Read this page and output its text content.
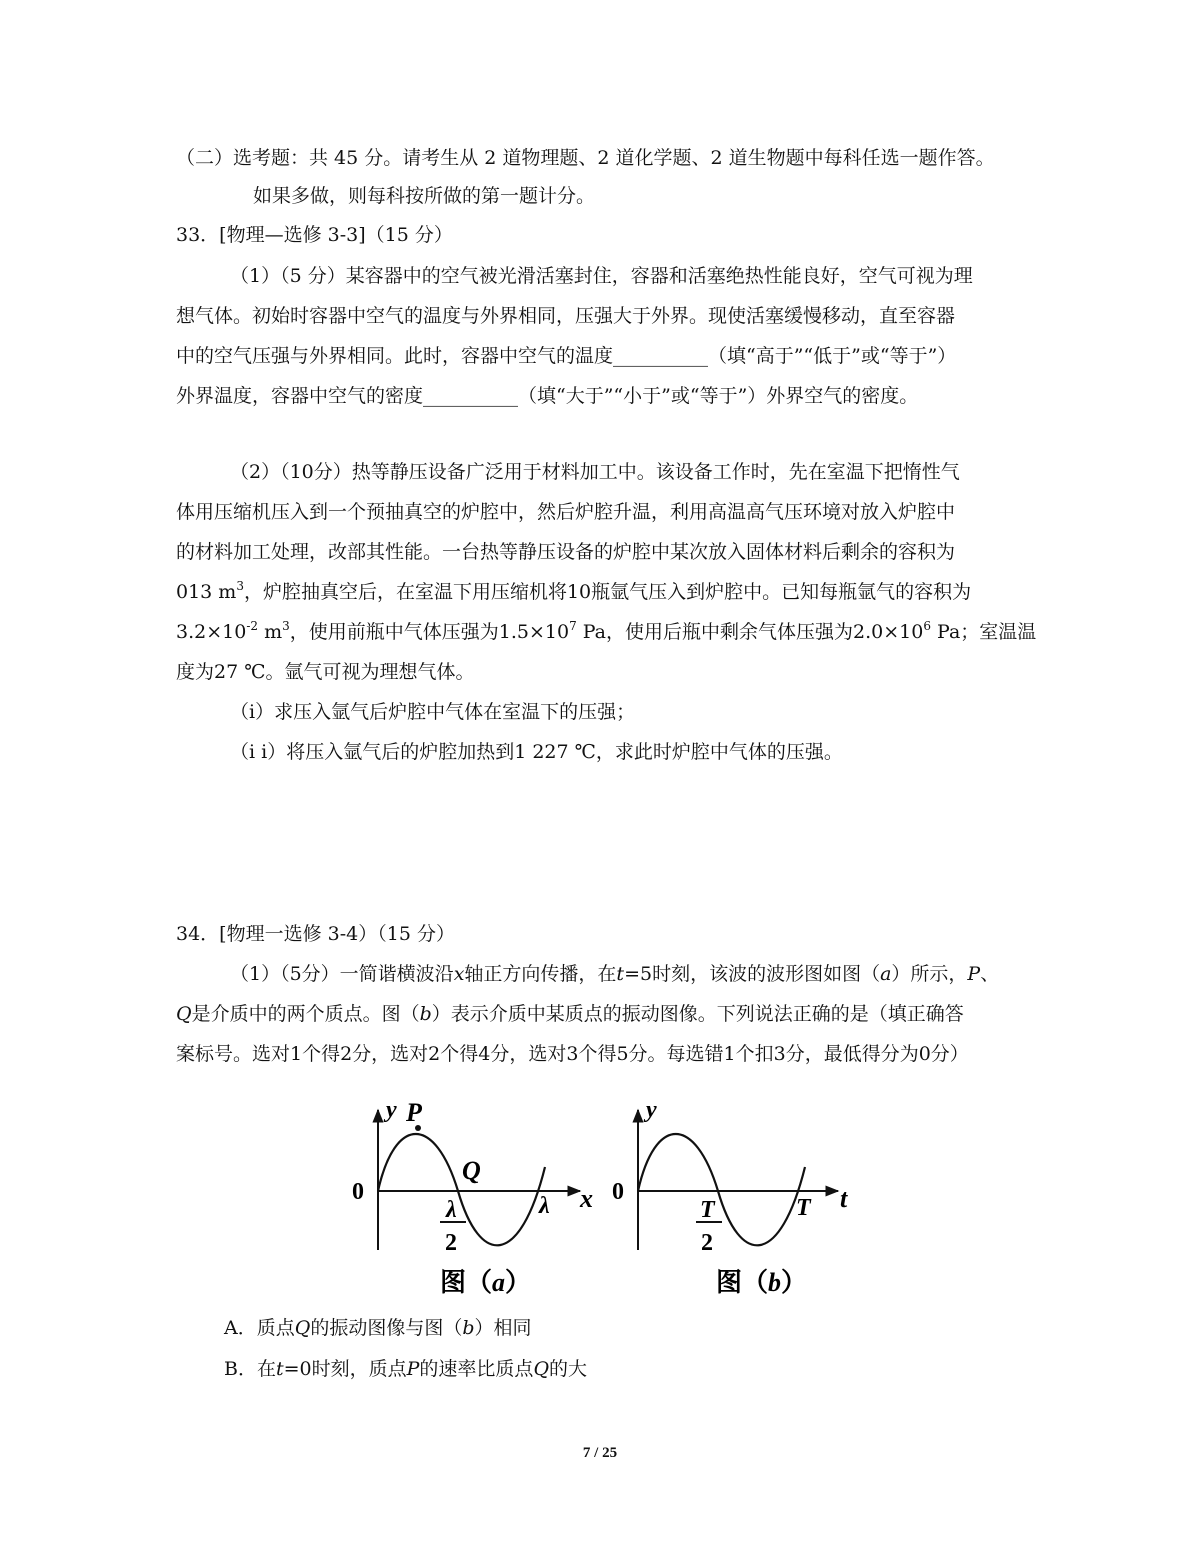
（二）选考题：共 45 分。请考生从 2 道物理题、2 道化学题、2 道生物题中每科任选一题作答。
如果多做，则每科按所做的第一题计分。
33．[物理—选修 3-3]（15 分）
（1）（5 分）某容器中的空气被光滑活塞封住，容器和活塞绝热性能良好，空气可视为理
想气体。初始时容器中空气的温度与外界相同，压强大于外界。现使活塞缓慢移动，直至容器
中的空气压强与外界相同。此时，容器中空气的温度__________（填“高于”“低于”或“等于”）
外界温度，容器中空气的密度__________（填“大于”“小于”或“等于”）外界空气的密度。
（2）（10分）热等静压设备广泛用于材料加工中。该设备工作时，先在室温下把惰性气
体用压缩机压入到一个预抽真空的炉腔中，然后炉腔升温，利用高温高气压环境对放入炉腔中
的材料加工处理，改部其性能。一台热等静压设备的炉腔中某次放入固体材料后剩余的容积为
013 $m^3$，炉腔抽真空后，在室温下用压缩机将10瓶氩气压入到炉腔中。已知每瓶氩气的容积为
$3.2\times 10^{-2}$ $m^3$，使用前瓶中气体压强为$1.5\times 10^7$ Pa，使用后瓶中剩余气体压强为$2.0\times 10^6$ Pa；室温温
度为27 ℃。氩气可视为理想气体。
（i）求压入氩气后炉腔中气体在室温下的压强；
（i i）将压入氩气后的炉腔加热到1 227 ℃，求此时炉腔中气体的压强。
34．[物理一选修 3-4）（15 分）
（1）（5分）一简谐横波沿x轴正方向传播，在t=5时刻，该波的波形图如图（a）所示，P、
Q是介质中的两个质点。图（b）表示介质中某质点的振动图像。下列说法正确的是（填正确答
案标号。选对1个得2分，选对2个得4分，选对3个得5分。每选错1个扣3分，最低得分为0分）
y P
Q
0
λ
2
λ x
图（a）
y
0
T
2
T t
图（b）
A．质点Q的振动图像与图（b）相同
B．在t=0时刻，质点P的速率比质点Q的大
7 / 25
